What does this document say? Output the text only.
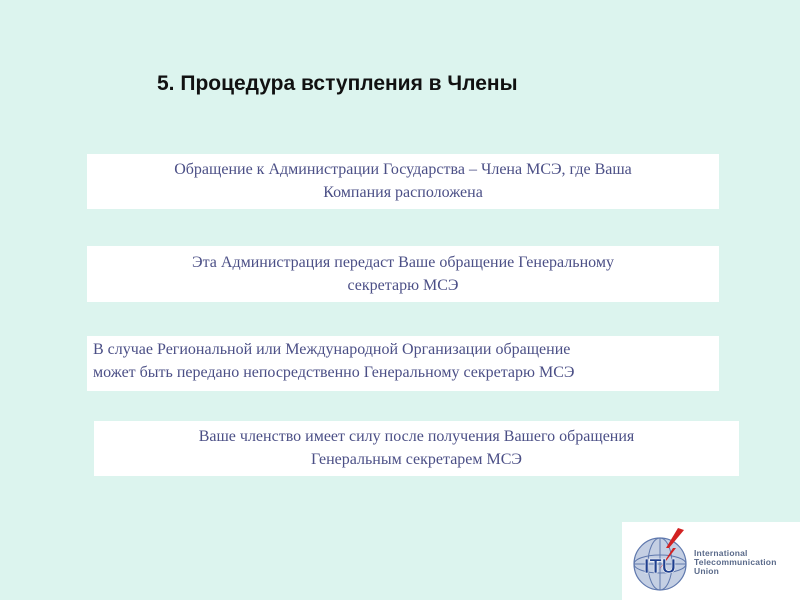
5. Процедура вступления в Члены
Обращение к Администрации Государства – Члена МСЭ, где Ваша
Компания расположена
Эта Администрация передаст Ваше обращение Генеральному
секретарю МСЭ
В случае Региональной или Международной Организации обращение
может быть передано непосредственно Генеральному секретарю МСЭ
Ваше членство имеет силу после получения Вашего обращения
Генеральным секретарем МСЭ
ITU
International
Telecommunication
Union
